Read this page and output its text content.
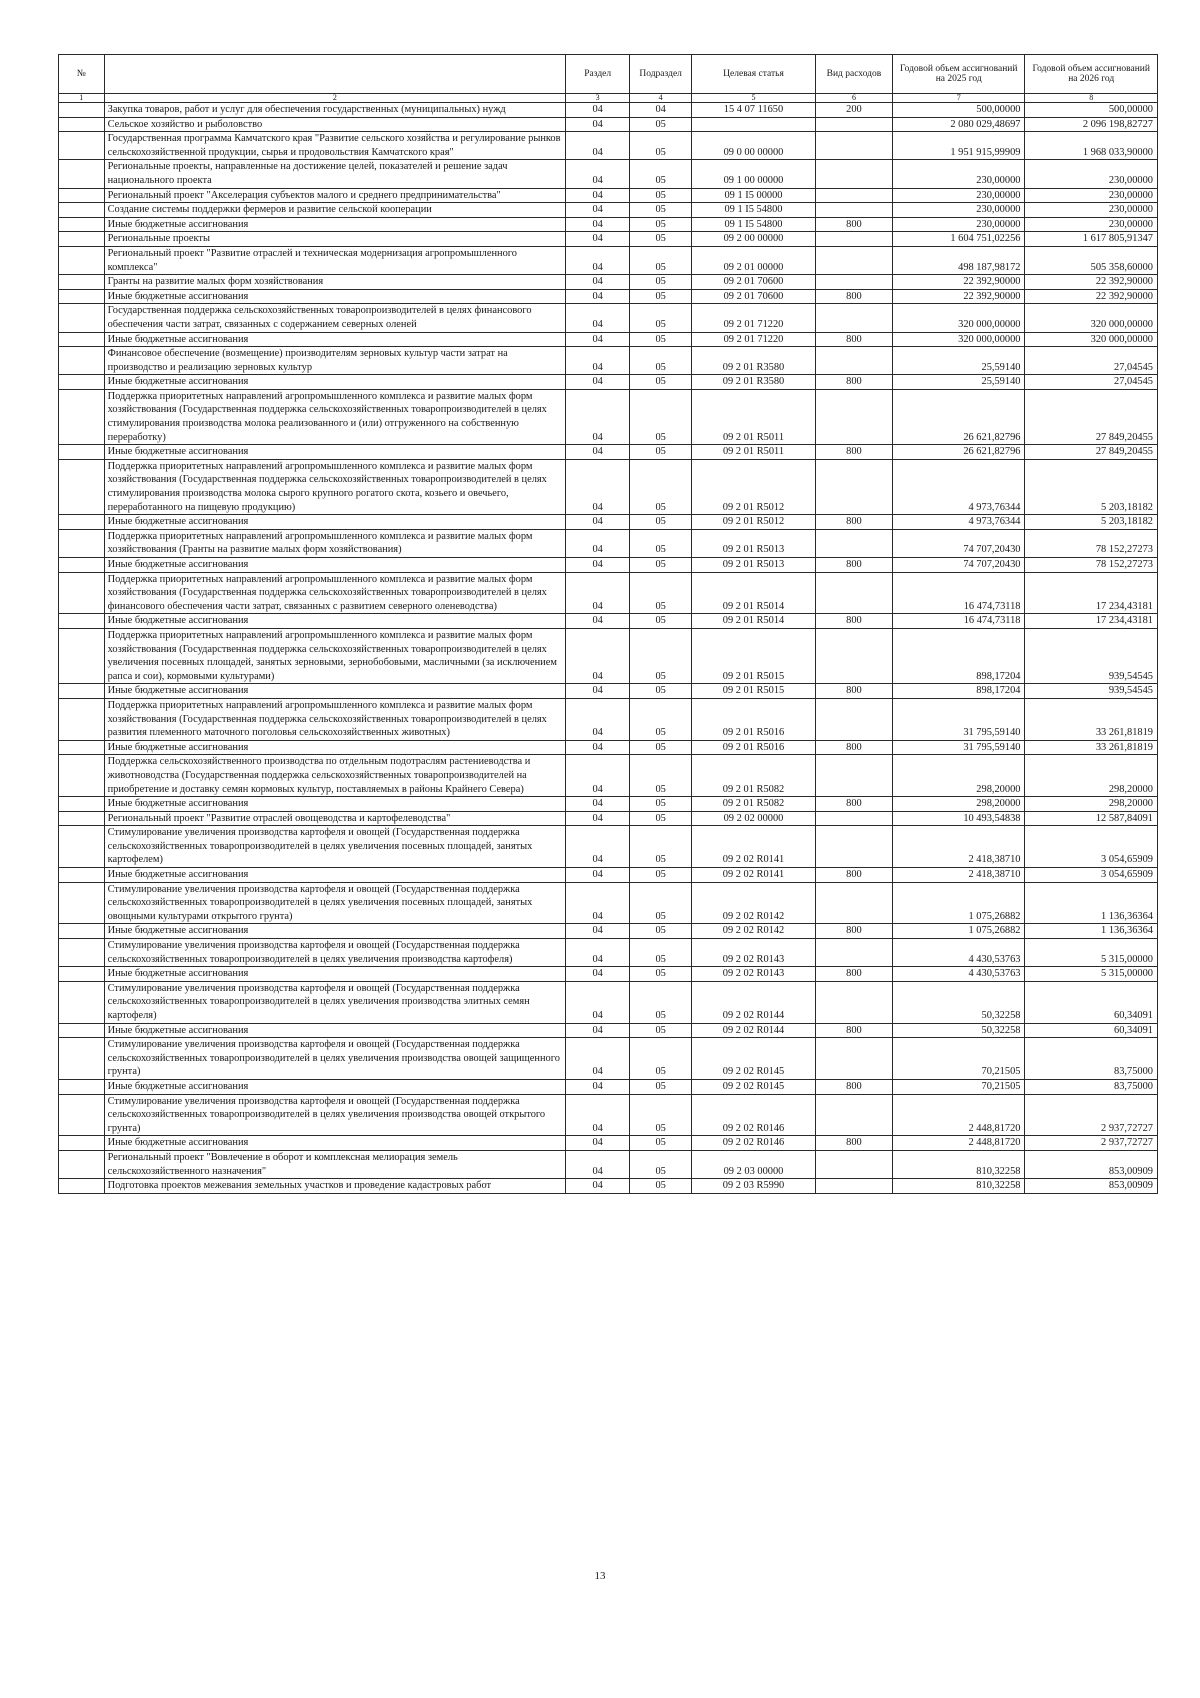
№		Раздел	Подраздел	Целевая статья	Вид расходов	Годовой объем ассигнований на 2025 год	Годовой объем ассигнований на 2026 год
1	2	3	4	5	6	7	8
	Закупка товаров, работ и услуг для обеспечения государственных (муниципальных) нужд	04	04	15 4 07 11650	200	500,00000	500,00000
	Сельское хозяйство и рыболовство	04	05			2 080 029,48697	2 096 198,82727
	Государственная программа Камчатского края "Развитие сельского хозяйства и регулирование рынков сельскохозяйственной продукции, сырья и продовольствия Камчатского края"	04	05	09 0 00 00000		1 951 915,99909	1 968 033,90000
	Региональные проекты, направленные на достижение целей, показателей и решение задач национального проекта	04	05	09 1 00 00000		230,00000	230,00000
	Региональный проект "Акселерация субъектов малого и среднего предпринимательства"	04	05	09 1 I5 00000		230,00000	230,00000
	Создание системы поддержки фермеров и развитие сельской кооперации	04	05	09 1 I5 54800		230,00000	230,00000
	Иные бюджетные ассигнования	04	05	09 1 I5 54800	800	230,00000	230,00000
	Региональные проекты	04	05	09 2 00 00000		1 604 751,02256	1 617 805,91347
	Региональный проект "Развитие отраслей и техническая модернизация агропромышленного комплекса"	04	05	09 2 01 00000		498 187,98172	505 358,60000
	Гранты на развитие малых форм хозяйствования	04	05	09 2 01 70600		22 392,90000	22 392,90000
	Иные бюджетные ассигнования	04	05	09 2 01 70600	800	22 392,90000	22 392,90000
	Государственная поддержка сельскохозяйственных товаропроизводителей в целях финансового обеспечения части затрат, связанных с содержанием северных оленей	04	05	09 2 01 71220		320 000,00000	320 000,00000
	Иные бюджетные ассигнования	04	05	09 2 01 71220	800	320 000,00000	320 000,00000
	Финансовое обеспечение (возмещение) производителям зерновых культур части затрат на производство и реализацию зерновых культур	04	05	09 2 01 R3580		25,59140	27,04545
	Иные бюджетные ассигнования	04	05	09 2 01 R3580	800	25,59140	27,04545
	Поддержка приоритетных направлений агропромышленного комплекса и развитие малых форм хозяйствования (Государственная поддержка сельскохозяйственных товаропроизводителей в целях стимулирования производства молока реализованного и (или) отгруженного на собственную переработку)	04	05	09 2 01 R5011		26 621,82796	27 849,20455
	Иные бюджетные ассигнования	04	05	09 2 01 R5011	800	26 621,82796	27 849,20455
	Поддержка приоритетных направлений агропромышленного комплекса и развитие малых форм хозяйствования (Государственная поддержка сельскохозяйственных товаропроизводителей в целях стимулирования производства молока сырого крупного рогатого скота, козьего и овечьего, переработанного на пищевую продукцию)	04	05	09 2 01 R5012		4 973,76344	5 203,18182
	Иные бюджетные ассигнования	04	05	09 2 01 R5012	800	4 973,76344	5 203,18182
	Поддержка приоритетных направлений агропромышленного комплекса и развитие малых форм хозяйствования (Гранты на развитие малых форм хозяйствования)	04	05	09 2 01 R5013		74 707,20430	78 152,27273
	Иные бюджетные ассигнования	04	05	09 2 01 R5013	800	74 707,20430	78 152,27273
	Поддержка приоритетных направлений агропромышленного комплекса и развитие малых форм хозяйствования (Государственная поддержка сельскохозяйственных товаропроизводителей в целях финансового обеспечения части затрат, связанных с развитием северного оленеводства)	04	05	09 2 01 R5014		16 474,73118	17 234,43181
	Иные бюджетные ассигнования	04	05	09 2 01 R5014	800	16 474,73118	17 234,43181
	Поддержка приоритетных направлений агропромышленного комплекса и развитие малых форм хозяйствования (Государственная поддержка сельскохозяйственных товаропроизводителей в целях увеличения посевных площадей, занятых зерновыми, зернобобовыми, масличными (за исключением рапса и сои), кормовыми культурами)	04	05	09 2 01 R5015		898,17204	939,54545
	Иные бюджетные ассигнования	04	05	09 2 01 R5015	800	898,17204	939,54545
	Поддержка приоритетных направлений агропромышленного комплекса и развитие малых форм хозяйствования (Государственная поддержка сельскохозяйственных товаропроизводителей в целях развития племенного маточного поголовья сельскохозяйственных животных)	04	05	09 2 01 R5016		31 795,59140	33 261,81819
	Иные бюджетные ассигнования	04	05	09 2 01 R5016	800	31 795,59140	33 261,81819
	Поддержка сельскохозяйственного производства по отдельным подотраслям растениеводства и животноводства (Государственная поддержка сельскохозяйственных товаропроизводителей на приобретение и доставку семян кормовых культур, поставляемых в районы Крайнего Севера)	04	05	09 2 01 R5082		298,20000	298,20000
	Иные бюджетные ассигнования	04	05	09 2 01 R5082	800	298,20000	298,20000
	Региональный проект "Развитие отраслей овощеводства и картофелеводства"	04	05	09 2 02 00000		10 493,54838	12 587,84091
	Стимулирование увеличения производства картофеля и овощей (Государственная поддержка сельскохозяйственных товаропроизводителей в целях увеличения посевных площадей, занятых картофелем)	04	05	09 2 02 R0141		2 418,38710	3 054,65909
	Иные бюджетные ассигнования	04	05	09 2 02 R0141	800	2 418,38710	3 054,65909
	Стимулирование увеличения производства картофеля и овощей (Государственная поддержка сельскохозяйственных товаропроизводителей в целях увеличения посевных площадей, занятых овощными культурами открытого грунта)	04	05	09 2 02 R0142		1 075,26882	1 136,36364
	Иные бюджетные ассигнования	04	05	09 2 02 R0142	800	1 075,26882	1 136,36364
	Стимулирование увеличения производства картофеля и овощей (Государственная поддержка сельскохозяйственных товаропроизводителей в целях увеличения производства картофеля)	04	05	09 2 02 R0143		4 430,53763	5 315,00000
	Иные бюджетные ассигнования	04	05	09 2 02 R0143	800	4 430,53763	5 315,00000
	Стимулирование увеличения производства картофеля и овощей (Государственная поддержка сельскохозяйственных товаропроизводителей в целях увеличения производства элитных семян картофеля)	04	05	09 2 02 R0144		50,32258	60,34091
	Иные бюджетные ассигнования	04	05	09 2 02 R0144	800	50,32258	60,34091
	Стимулирование увеличения производства картофеля и овощей (Государственная поддержка сельскохозяйственных товаропроизводителей в целях увеличения производства овощей защищенного грунта)	04	05	09 2 02 R0145		70,21505	83,75000
	Иные бюджетные ассигнования	04	05	09 2 02 R0145	800	70,21505	83,75000
	Стимулирование увеличения производства картофеля и овощей (Государственная поддержка сельскохозяйственных товаропроизводителей в целях увеличения производства овощей открытого грунта)	04	05	09 2 02 R0146		2 448,81720	2 937,72727
	Иные бюджетные ассигнования	04	05	09 2 02 R0146	800	2 448,81720	2 937,72727
	Региональный проект "Вовлечение в оборот и комплексная мелиорация земель сельскохозяйственного назначения"	04	05	09 2 03 00000		810,32258	853,00909
	Подготовка проектов межевания земельных участков и проведение кадастровых работ	04	05	09 2 03 R5990		810,32258	853,00909
13
